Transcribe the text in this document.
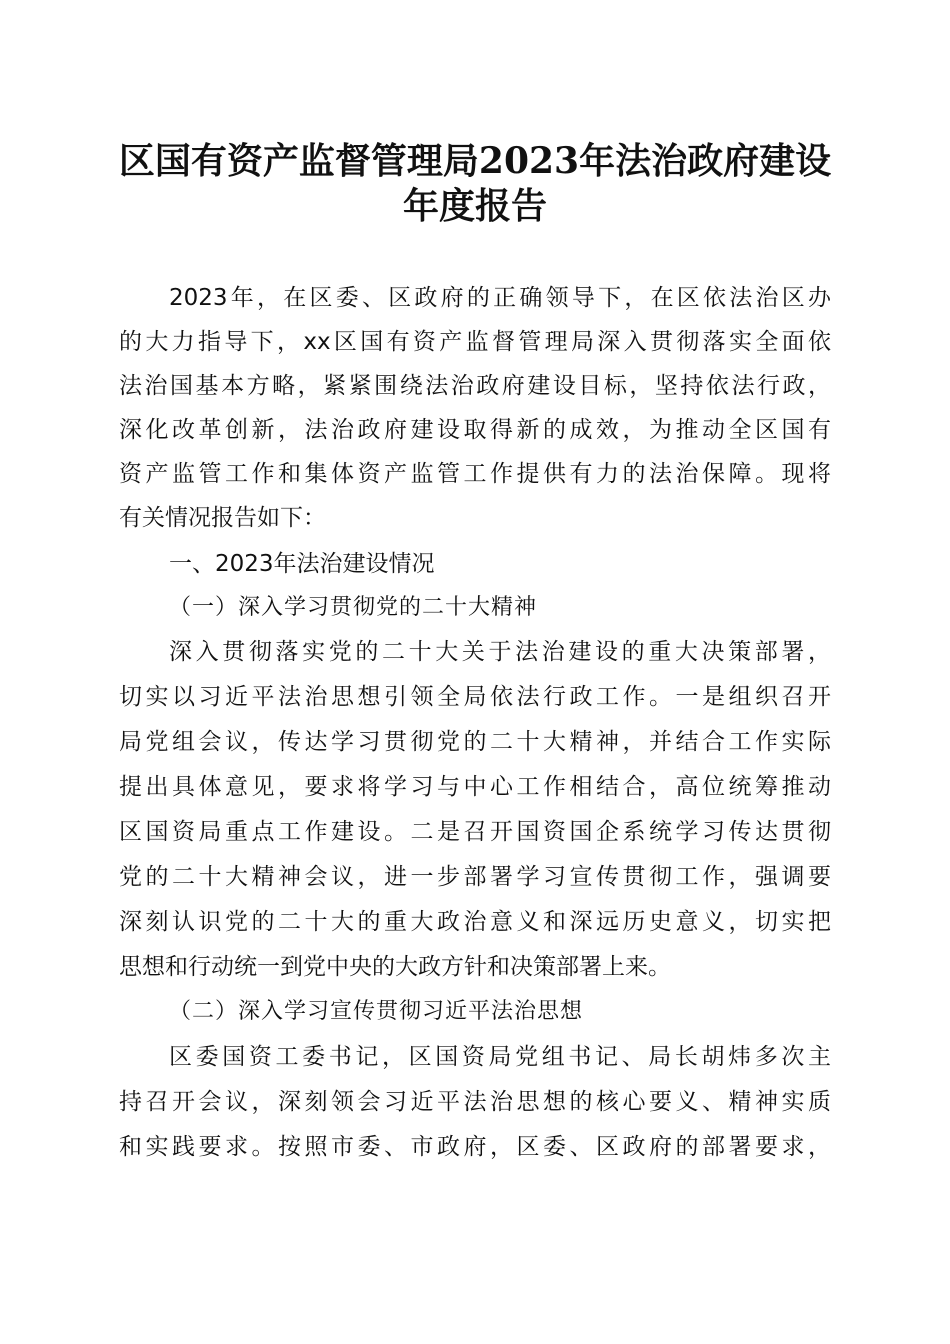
区国有资产监督管理局2023年法治政府建设
年度报告

2023年，在区委、区政府的正确领导下，在区依法治区办

的大力指导下，xx区国有资产监督管理局深入贯彻落实全面依

法治国基本方略，紧紧围绕法治政府建设目标，坚持依法行政，

深化改革创新，法治政府建设取得新的成效，为推动全区国有

资产监管工作和集体资产监管工作提供有力的法治保障。现将

有关情况报告如下：

一、2023年法治建设情况
（一）深入学习贯彻党的二十大精神

深入贯彻落实党的二十大关于法治建设的重大决策部署，

切实以习近平法治思想引领全局依法行政工作。一是组织召开

局党组会议，传达学习贯彻党的二十大精神，并结合工作实际

提出具体意见，要求将学习与中心工作相结合，高位统筹推动

区国资局重点工作建设。二是召开国资国企系统学习传达贯彻

党的二十大精神会议，进一步部署学习宣传贯彻工作，强调要

深刻认识党的二十大的重大政治意义和深远历史意义，切实把

思想和行动统一到党中央的大政方针和决策部署上来。

（二）深入学习宣传贯彻习近平法治思想

区委国资工委书记，区国资局党组书记、局长胡炜多次主

持召开会议，深刻领会习近平法治思想的核心要义、精神实质

和实践要求。按照市委、市政府，区委、区政府的部署要求，
